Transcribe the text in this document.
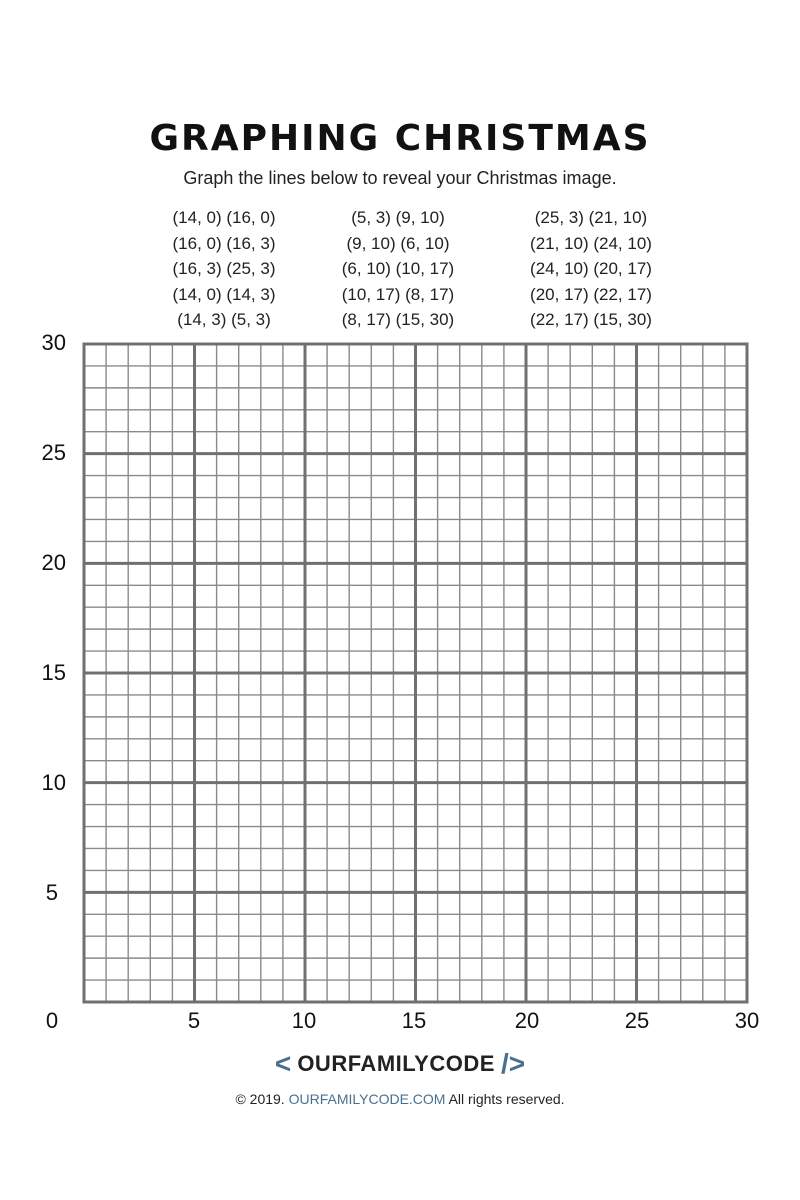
GRAPHING CHRISTMAS
Graph the lines below to reveal your Christmas image.
(14, 0) (16, 0)
(16, 0) (16, 3)
(16, 3) (25, 3)
(14, 0) (14, 3)
(14, 3) (5, 3)
(5, 3) (9, 10)
(9, 10) (6, 10)
(6, 10) (10, 17)
(10, 17) (8, 17)
(8, 17) (15, 30)
(25, 3) (21, 10)
(21, 10) (24, 10)
(24, 10) (20, 17)
(20, 17) (22, 17)
(22, 17) (15, 30)
30
25
20
15
10
5
0	5	10	15	20	25	30
< OURFAMILYCODE />
© 2019. OURFAMILYCODE.COM All rights reserved.
